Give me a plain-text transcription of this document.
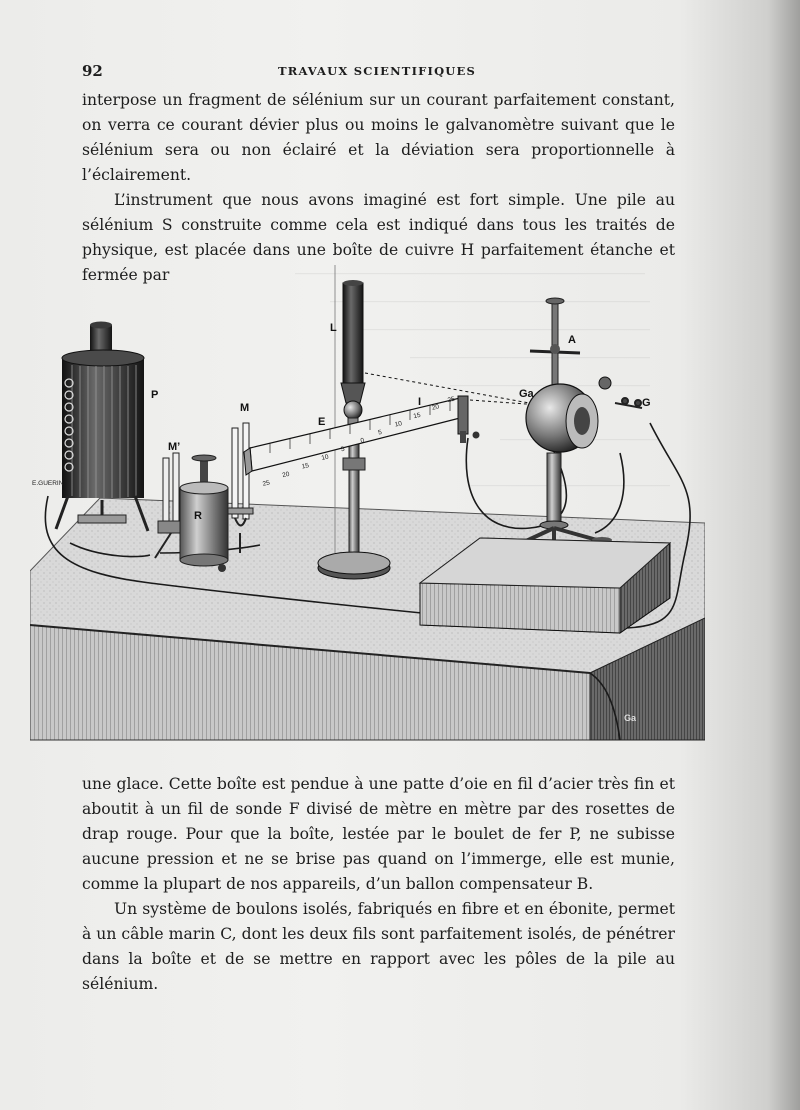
92	TRAVAUX SCIENTIFIQUES

interpose un fragment de sélénium sur un courant parfaitement constant, on verra ce courant dévier plus ou moins le galvanomètre suivant que le sélénium sera ou non éclairé et la déviation sera proportionnelle à l’éclairement.

L’instrument que nous avons imaginé est fort simple. Une pile au sélénium S construite comme cela est indiqué dans tous les traités de physique, est placée dans une boîte de cuivre H parfaitement étanche et fermée par

P
M’
M
R
L
E
I
A
Ga
G
Ga
E.GUERIN	25
20
15
10
5
0
5
10
15
20
25

une glace. Cette boîte est pendue à une patte d’oie en fil d’acier très fin et aboutit à un fil de sonde F divisé de mètre en mètre par des rosettes de drap rouge. Pour que la boîte, lestée par le boulet de fer P, ne subisse aucune pression et ne se brise pas quand on l’immerge, elle est munie, comme la plupart de nos appareils, d’un ballon compensateur B.

Un système de boulons isolés, fabriqués en fibre et en ébonite, permet à un câble marin C, dont les deux fils sont parfaitement isolés, de pénétrer dans la boîte et de se mettre en rapport avec les pôles de la pile au sélénium.
